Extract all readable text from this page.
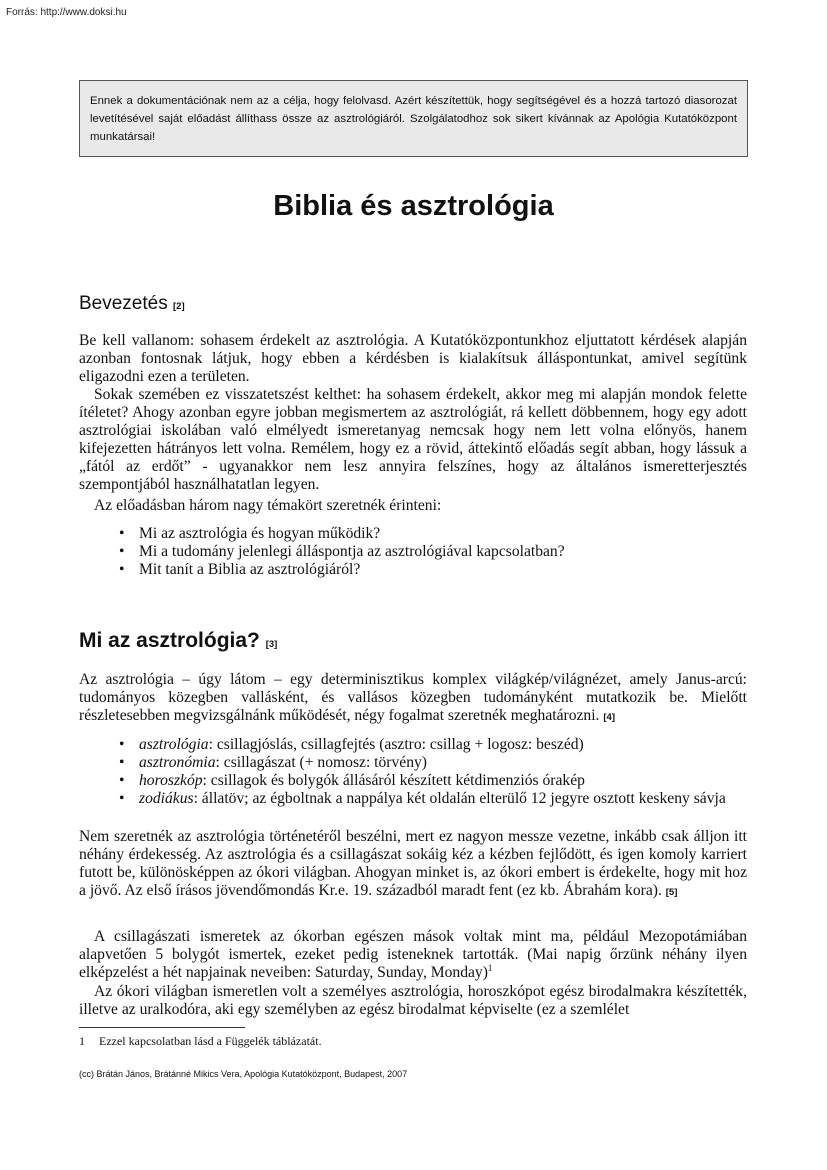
Forrás: http://www.doksi.hu
Ennek a dokumentációnak nem az a célja, hogy felolvasd. Azért készítettük, hogy segítségével és a hozzá tartozó diasorozat levetítésével saját előadást állíthass össze az asztrológiáról. Szolgálatodhoz sok sikert kívánnak az Apológia Kutatóközpont munkatársai!
Biblia és asztrológia
Bevezetés [2]

Be kell vallanom: sohasem érdekelt az asztrológia. A Kutatóközpontunkhoz eljuttatott kérdések alapján azonban fontosnak látjuk, hogy ebben a kérdésben is kialakítsuk álláspontunkat, amivel segítünk eligazodni ezen a területen.

Sokak szemében ez visszatetszést kelthet: ha sohasem érdekelt, akkor meg mi alapján mondok felette ítéletet? Ahogy azonban egyre jobban megismertem az asztrológiát, rá kellett döbbennem, hogy egy adott asztrológiai iskolában való elmélyedt ismeretanyag nemcsak hogy nem lett volna előnyös, hanem kifejezetten hátrányos lett volna. Remélem, hogy ez a rövid, áttekintő előadás segít abban, hogy lássuk a „fától az erdőt” - ugyanakkor nem lesz annyira felszínes, hogy az általános ismeretterjesztés szempontjából használhatatlan legyen.

Az előadásban három nagy témakört szeretnék érinteni:

• Mi az asztrológia és hogyan működik?
• Mi a tudomány jelenlegi álláspontja az asztrológiával kapcsolatban?
• Mit tanít a Biblia az asztrológiáról?
Mi az asztrológia? [3]

Az asztrológia – úgy látom – egy determinisztikus komplex világkép/világnézet, amely Janus-arcú: tudományos közegben vallásként, és vallásos közegben tudományként mutatkozik be. Mielőtt részletesebben megvizsgálnánk működését, négy fogalmat szeretnék meghatározni. [4]

• asztrológia: csillagjóslás, csillagfejtés (asztro: csillag + logosz: beszéd)
• asztronómia: csillagászat (+ nomosz: törvény)
• horoszkóp: csillagok és bolygók állásáról készített kétdimenziós órakép
• zodiákus: állatöv; az égboltnak a nappálya két oldalán elterülő 12 jegyre osztott keskeny sávja

Nem szeretnék az asztrológia történetéről beszélni, mert ez nagyon messze vezetne, inkább csak álljon itt néhány érdekesség. Az asztrológia és a csillagászat sokáig kéz a kézben fejlődött, és igen komoly karriert futott be, különösképpen az ókori világban. Ahogyan minket is, az ókori embert is érdekelte, hogy mit hoz a jövő. Az első írásos jövendőmondás Kr.e. 19. századból maradt fent (ez kb. Ábrahám kora). [5]

A csillagászati ismeretek az ókorban egészen mások voltak mint ma, például Mezopotámiában alapvetően 5 bolygót ismertek, ezeket pedig isteneknek tartották. (Mai napig őrzünk néhány ilyen elképzelést a hét napjainak neveiben: Saturday, Sunday, Monday)$^1$

Az ókori világban ismeretlen volt a személyes asztrológia, horoszkópot egész birodalmakra készítették, illetve az uralkodóra, aki egy személyben az egész birodalmat képviselte (ez a szemlélet

1 Ezzel kapcsolatban lásd a Függelék táblázatát.
(cc) Brátán János, Brátánné Mikics Vera, Apológia Kutatóközpont, Budapest, 2007
